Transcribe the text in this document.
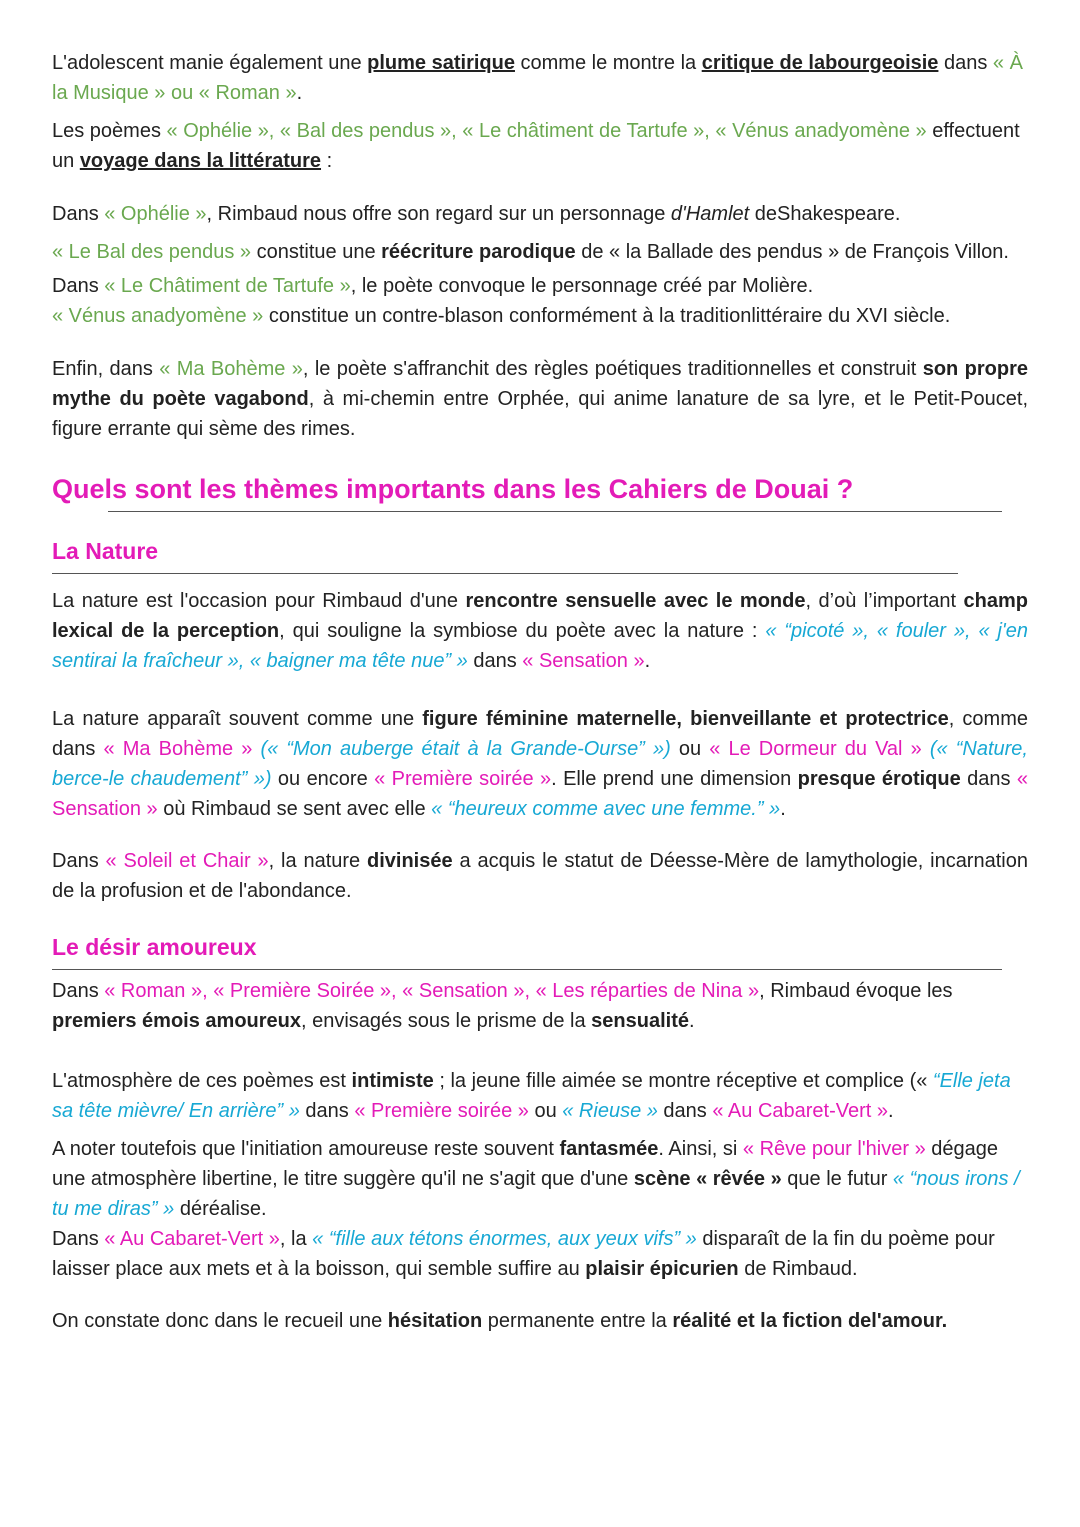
L'adolescent manie également une plume satirique comme le montre la critique de labourgeoisie dans « À la Musique » ou « Roman ».

Les poèmes « Ophélie », « Bal des pendus », « Le châtiment de Tartufe », « Vénus anadyomène » effectuent un voyage dans la littérature :

Dans « Ophélie », Rimbaud nous offre son regard sur un personnage d'Hamlet deShakespeare.

« Le Bal des pendus » constitue une réécriture parodique de « la Ballade des pendus » de François Villon.

Dans « Le Châtiment de Tartufe », le poète convoque le personnage créé par Molière.

« Vénus anadyomène » constitue un contre-blason conformément à la traditionlittéraire du XVI siècle.

Enfin, dans « Ma Bohème », le poète s'affranchit des règles poétiques traditionnelles et construit son propre mythe du poète vagabond, à mi-chemin entre Orphée, qui anime lanature de sa lyre, et le Petit-Poucet, figure errante qui sème des rimes.

Quels sont les thèmes importants dans les Cahiers de Douai ?
La Nature

La nature est l'occasion pour Rimbaud d'une rencontre sensuelle avec le monde, d’où l’important champ lexical de la perception, qui souligne la symbiose du poète avec la nature : « “picoté », « fouler », « j'en sentirai la fraîcheur », « baigner ma tête nue” » dans « Sensation ».

La nature apparaît souvent comme une figure féminine maternelle, bienveillante et protectrice, comme dans « Ma Bohème » (« “Mon auberge était à la Grande-Ourse” ») ou « Le Dormeur du Val » (« “Nature, berce-le chaudement” ») ou encore « Première soirée ». Elle prend une dimension presque érotique dans « Sensation » où Rimbaud se sent avec elle « “heureux comme avec une femme.” ».

Dans « Soleil et Chair », la nature divinisée a acquis le statut de Déesse-Mère de lamythologie, incarnation de la profusion et de l'abondance.

Le désir amoureux

Dans « Roman », « Première Soirée », « Sensation », « Les réparties de Nina », Rimbaud évoque les premiers émois amoureux, envisagés sous le prisme de la sensualité.

L'atmosphère de ces poèmes est intimiste ; la jeune fille aimée se montre réceptive et complice (« “Elle jeta sa tête mièvre/ En arrière” » dans « Première soirée » ou « Rieuse » dans « Au Cabaret-Vert ».

A noter toutefois que l'initiation amoureuse reste souvent fantasmée. Ainsi, si « Rêve pour l'hiver » dégage une atmosphère libertine, le titre suggère qu'il ne s'agit que d'une scène « rêvée » que le futur « “nous irons / tu me diras” » déréalise.

Dans « Au Cabaret-Vert », la « “fille aux tétons énormes, aux yeux vifs” » disparaît de la fin du poème pour laisser place aux mets et à la boisson, qui semble suffire au plaisir épicurien de Rimbaud.

On constate donc dans le recueil une hésitation permanente entre la réalité et la fiction del'amour.
